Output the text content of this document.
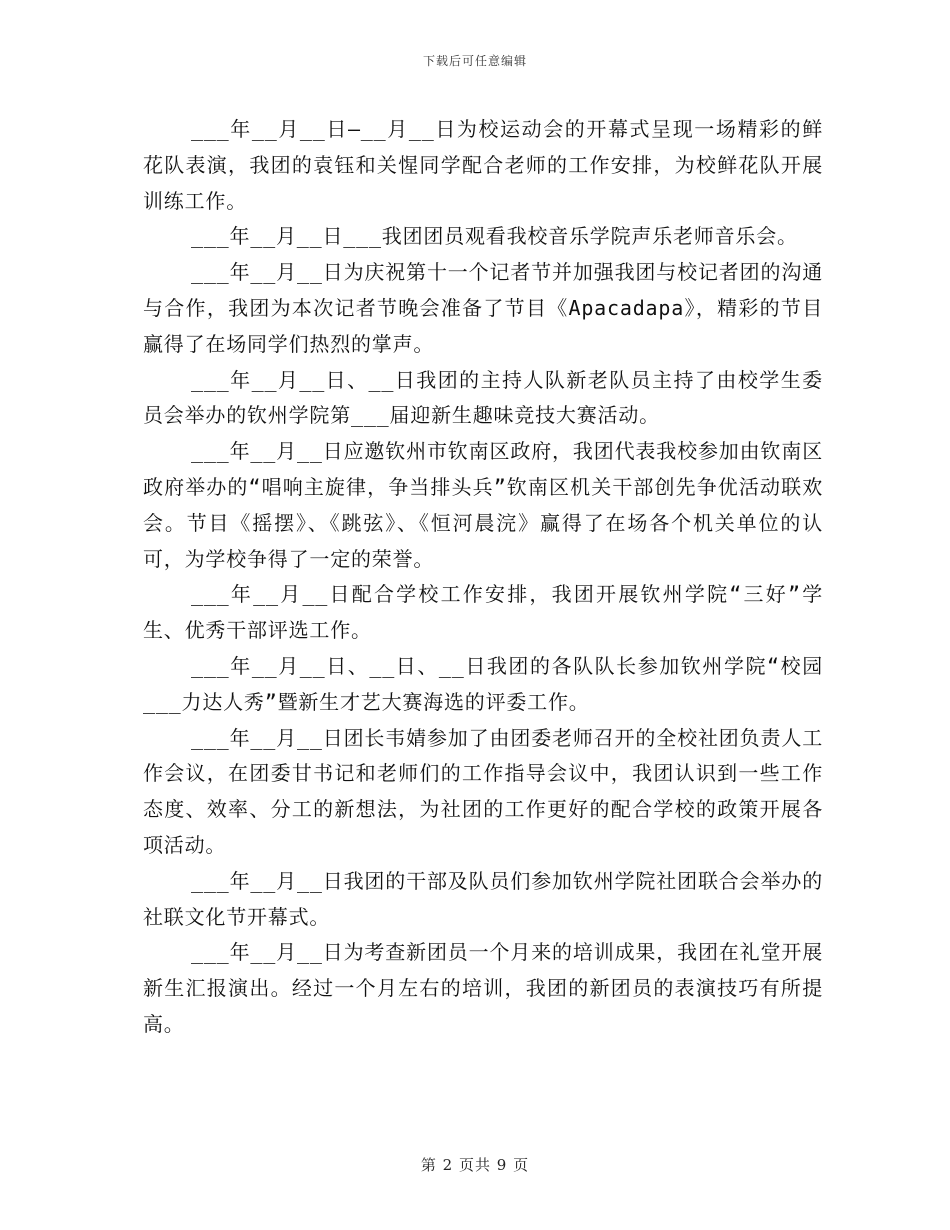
下载后可任意编辑

___年__月__日—__月__日为校运动会的开幕式呈现一场精彩的鲜花队表演，我团的袁钰和关惺同学配合老师的工作安排，为校鲜花队开展训练工作。

___年__月__日___我团团员观看我校音乐学院声乐老师音乐会。

___年__月__日为庆祝第十一个记者节并加强我团与校记者团的沟通与合作，我团为本次记者节晚会准备了节目《Apacadapa》，精彩的节目赢得了在场同学们热烈的掌声。

___年__月__日、__日我团的主持人队新老队员主持了由校学生委员会举办的钦州学院第___届迎新生趣味竞技大赛活动。

___年__月__日应邀钦州市钦南区政府，我团代表我校参加由钦南区政府举办的“唱响主旋律，争当排头兵”钦南区机关干部创先争优活动联欢会。节目《摇摆》、《跳弦》、《恒河晨浣》赢得了在场各个机关单位的认可，为学校争得了一定的荣誉。

___年__月__日配合学校工作安排，我团开展钦州学院“三好”学生、优秀干部评选工作。

___年__月__日、__日、__日我团的各队队长参加钦州学院“校园___力达人秀”暨新生才艺大赛海选的评委工作。

___年__月__日团长韦婧参加了由团委老师召开的全校社团负责人工作会议，在团委甘书记和老师们的工作指导会议中，我团认识到一些工作态度、效率、分工的新想法，为社团的工作更好的配合学校的政策开展各项活动。

___年__月__日我团的干部及队员们参加钦州学院社团联合会举办的社联文化节开幕式。

___年__月__日为考查新团员一个月来的培训成果，我团在礼堂开展新生汇报演出。经过一个月左右的培训，我团的新团员的表演技巧有所提高。

第 2 页共 9 页
